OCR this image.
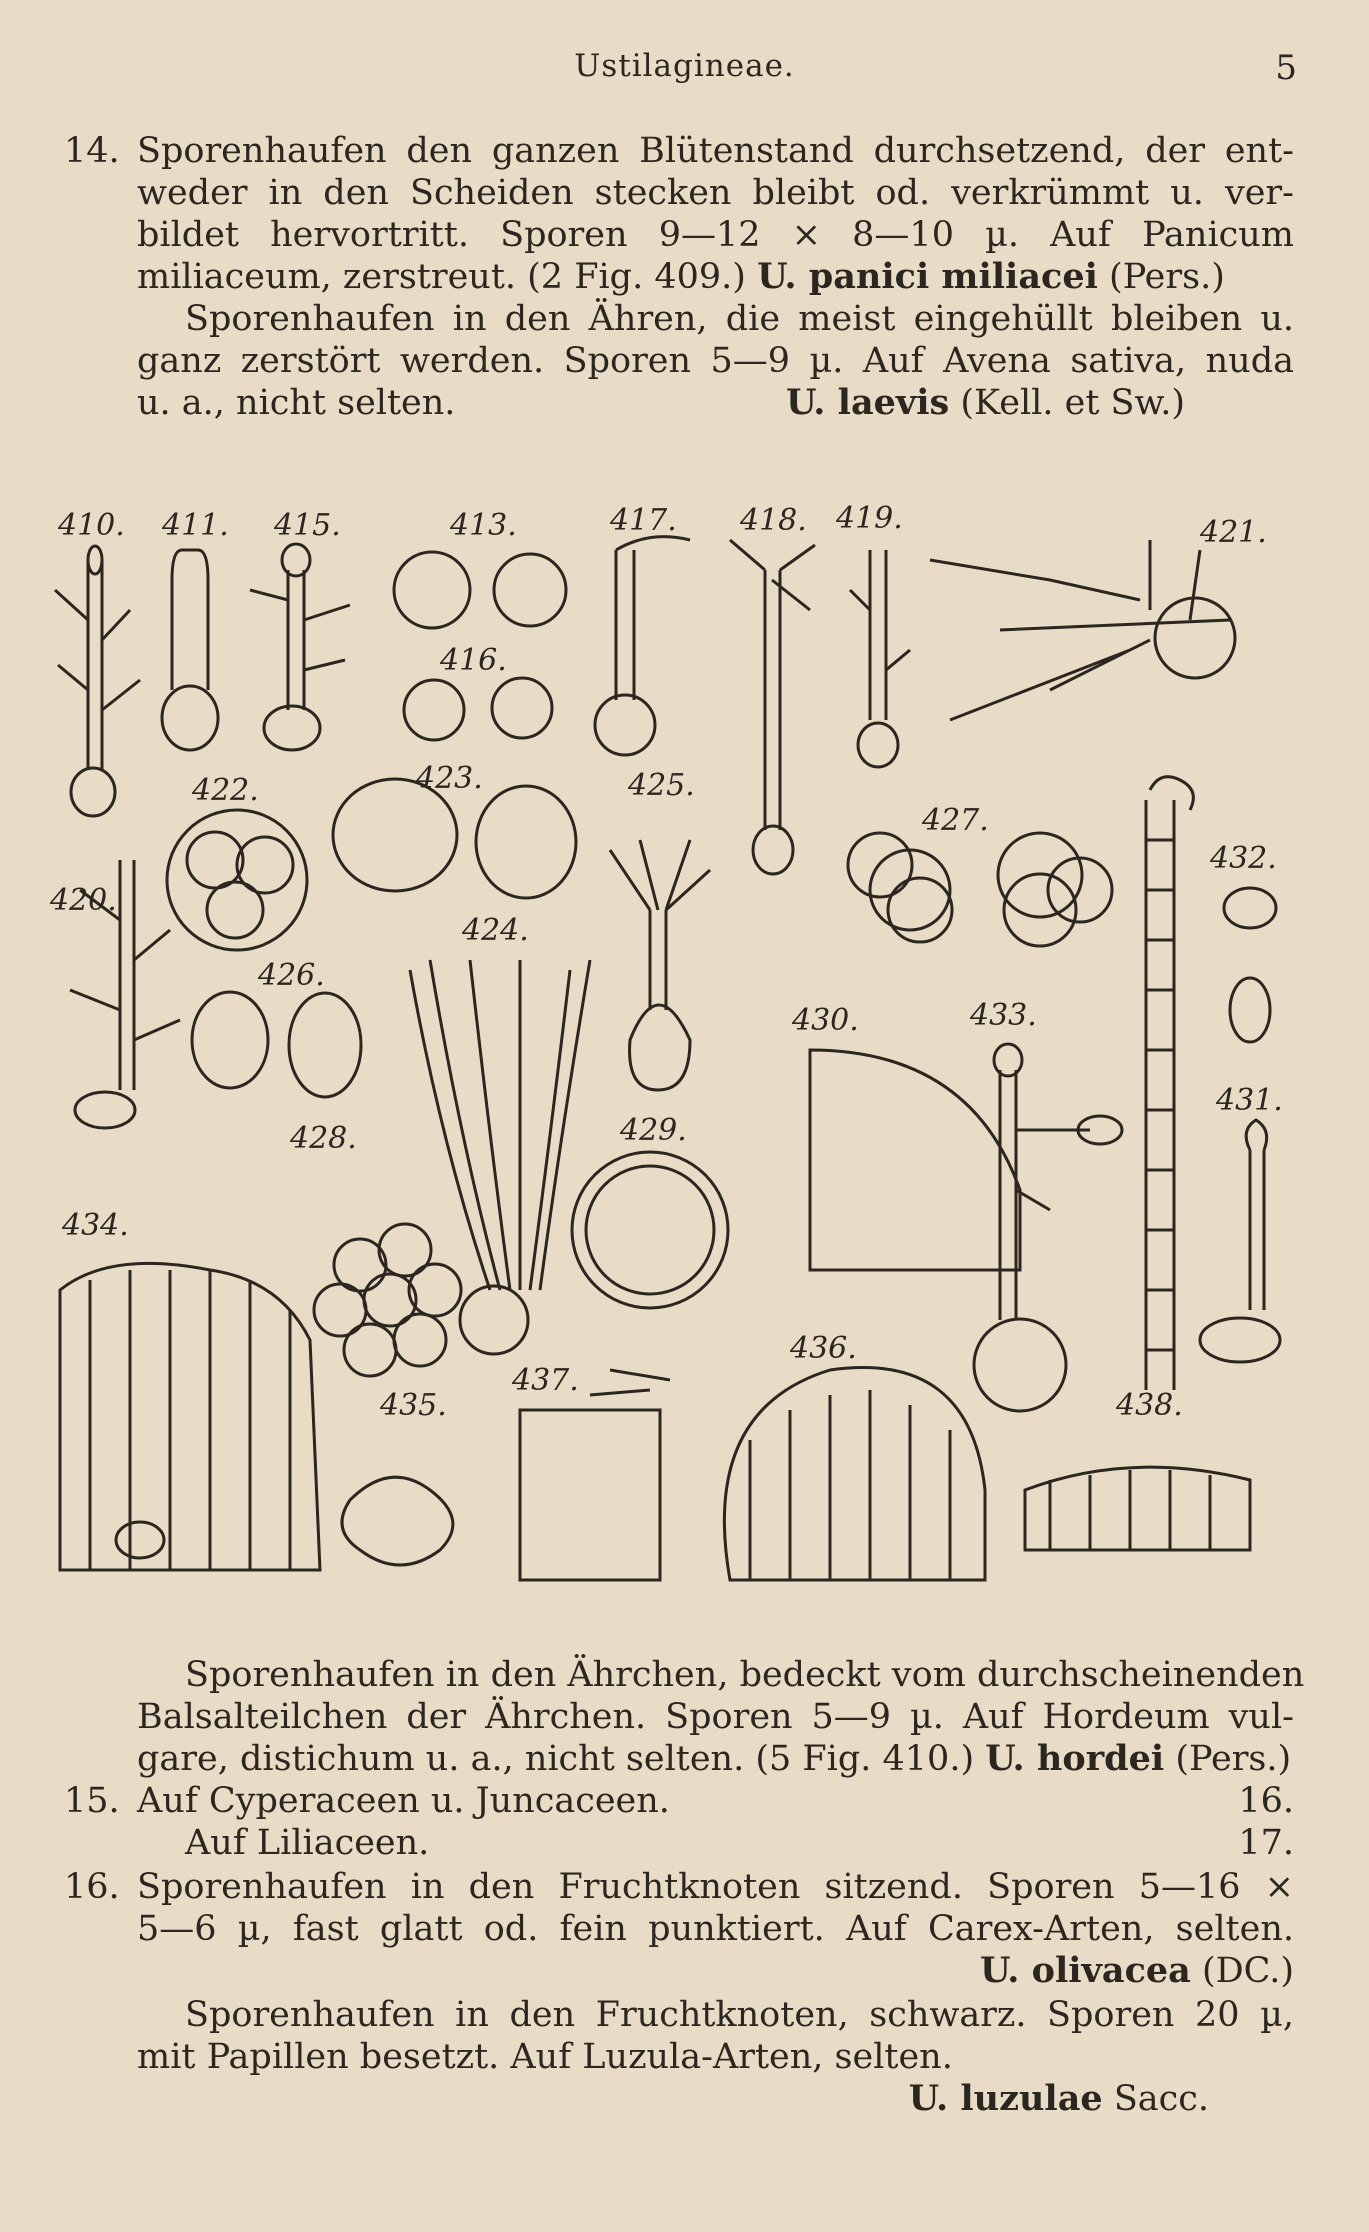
Ustilagineae.	5
14. Sporenhaufen den ganzen Blütenstand durchsetzend, der ent-
weder in den Scheiden stecken bleibt od. verkrümmt u. ver-
bildet hervortritt. Sporen 9—12 × 8—10 µ. Auf Panicum
miliaceum, zerstreut. (2 Fig. 409.) U. panici miliacei (Pers.)
Sporenhaufen in den Ähren, die meist eingehüllt bleiben u.
ganz zerstört werden. Sporen 5—9 µ. Auf Avena sativa, nuda
u. a., nicht selten.	U. laevis (Kell. et Sw.)
410. 411. 415.	413.	417. 418. 419.	421.
416.
422.	423.	425.
427.
432.
420.
424.
426.
430.	433.
431.
428.	429.
434.
436.
437.
435.	438.
Sporenhaufen in den Ährchen, bedeckt vom durchscheinenden
Balsalteilchen der Ährchen. Sporen 5—9 µ. Auf Hordeum vul-
gare, distichum u. a., nicht selten. (5 Fig. 410.) U. hordei (Pers.)
15. Auf Cyperaceen u. Juncaceen.	16.
Auf Liliaceen.	17.
16. Sporenhaufen in den Fruchtknoten sitzend. Sporen 5—16 ×
5—6 µ, fast glatt od. fein punktiert. Auf Carex-Arten, selten.
U. olivacea (DC.)
Sporenhaufen in den Fruchtknoten, schwarz. Sporen 20 µ,
mit Papillen besetzt. Auf Luzula-Arten, selten.
U. luzulae Sacc.
